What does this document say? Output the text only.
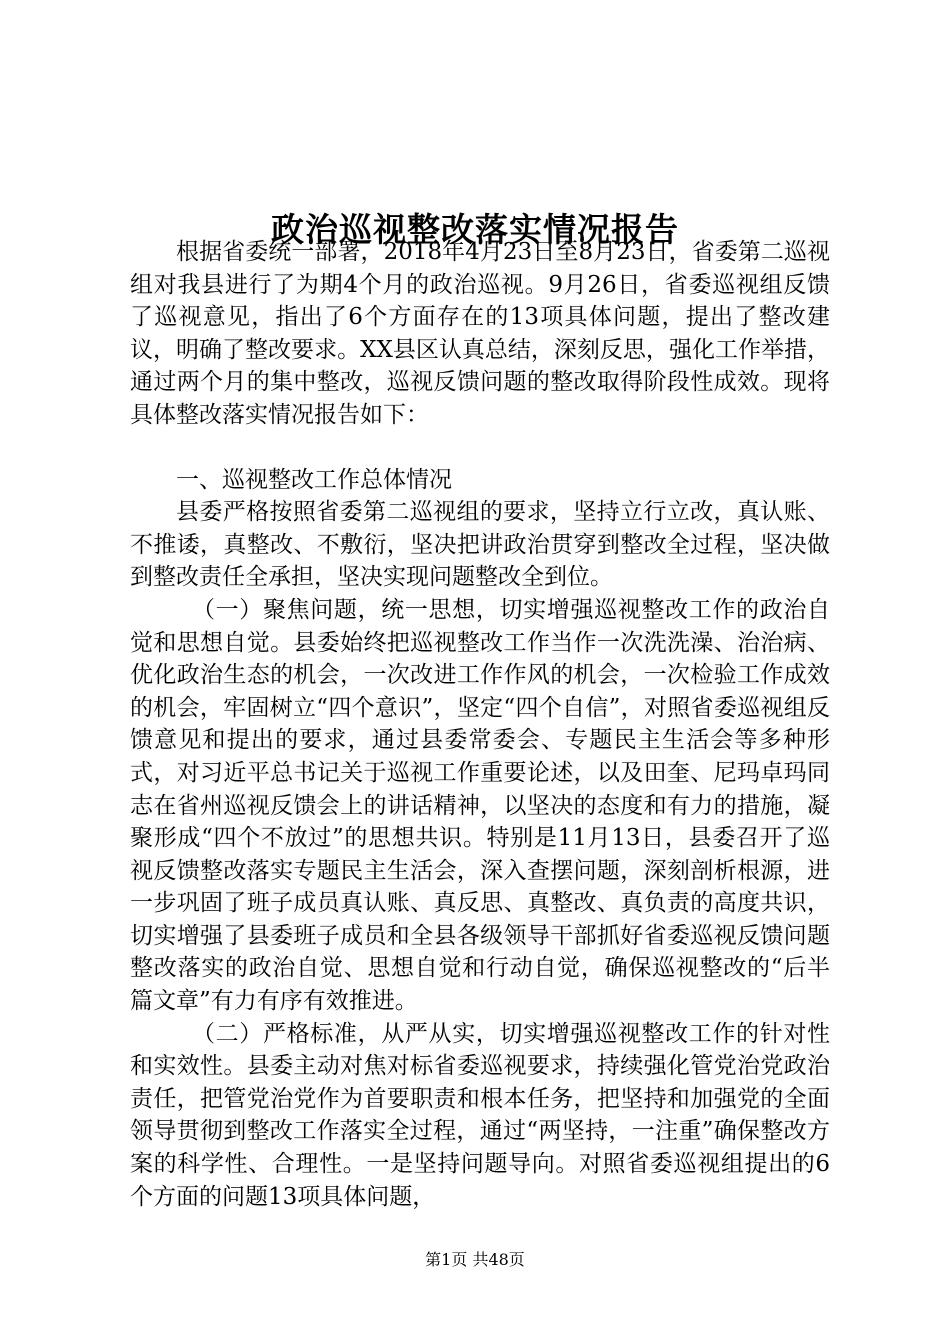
政治巡视整改落实情况报告

根据省委统一部署，2018年4月23日至8月23日，省委第二巡视组对我县进行了为期4个月的政治巡视。9月26日，省委巡视组反馈了巡视意见，指出了6个方面存在的13项具体问题，提出了整改建议，明确了整改要求。XX县区认真总结，深刻反思，强化工作举措，通过两个月的集中整改，巡视反馈问题的整改取得阶段性成效。现将具体整改落实情况报告如下：

一、巡视整改工作总体情况

县委严格按照省委第二巡视组的要求，坚持立行立改，真认账、不推诿，真整改、不敷衍，坚决把讲政治贯穿到整改全过程，坚决做到整改责任全承担，坚决实现问题整改全到位。

（一）聚焦问题，统一思想，切实增强巡视整改工作的政治自觉和思想自觉。县委始终把巡视整改工作当作一次洗洗澡、治治病、优化政治生态的机会，一次改进工作作风的机会，一次检验工作成效的机会，牢固树立“四个意识”，坚定“四个自信”，对照省委巡视组反馈意见和提出的要求，通过县委常委会、专题民主生活会等多种形式，对习近平总书记关于巡视工作重要论述，以及田奎、尼玛卓玛同志在省州巡视反馈会上的讲话精神，以坚决的态度和有力的措施，凝聚形成“四个不放过”的思想共识。特别是11月13日，县委召开了巡视反馈整改落实专题民主生活会，深入查摆问题，深刻剖析根源，进一步巩固了班子成员真认账、真反思、真整改、真负责的高度共识，切实增强了县委班子成员和全县各级领导干部抓好省委巡视反馈问题整改落实的政治自觉、思想自觉和行动自觉，确保巡视整改的“后半篇文章”有力有序有效推进。

（二）严格标准，从严从实，切实增强巡视整改工作的针对性和实效性。县委主动对焦对标省委巡视要求，持续强化管党治党政治责任，把管党治党作为首要职责和根本任务，把坚持和加强党的全面领导贯彻到整改工作落实全过程，通过“两坚持，一注重”确保整改方案的科学性、合理性。一是坚持问题导向。对照省委巡视组提出的6个方面的问题13项具体问题，

第1页 共48页
